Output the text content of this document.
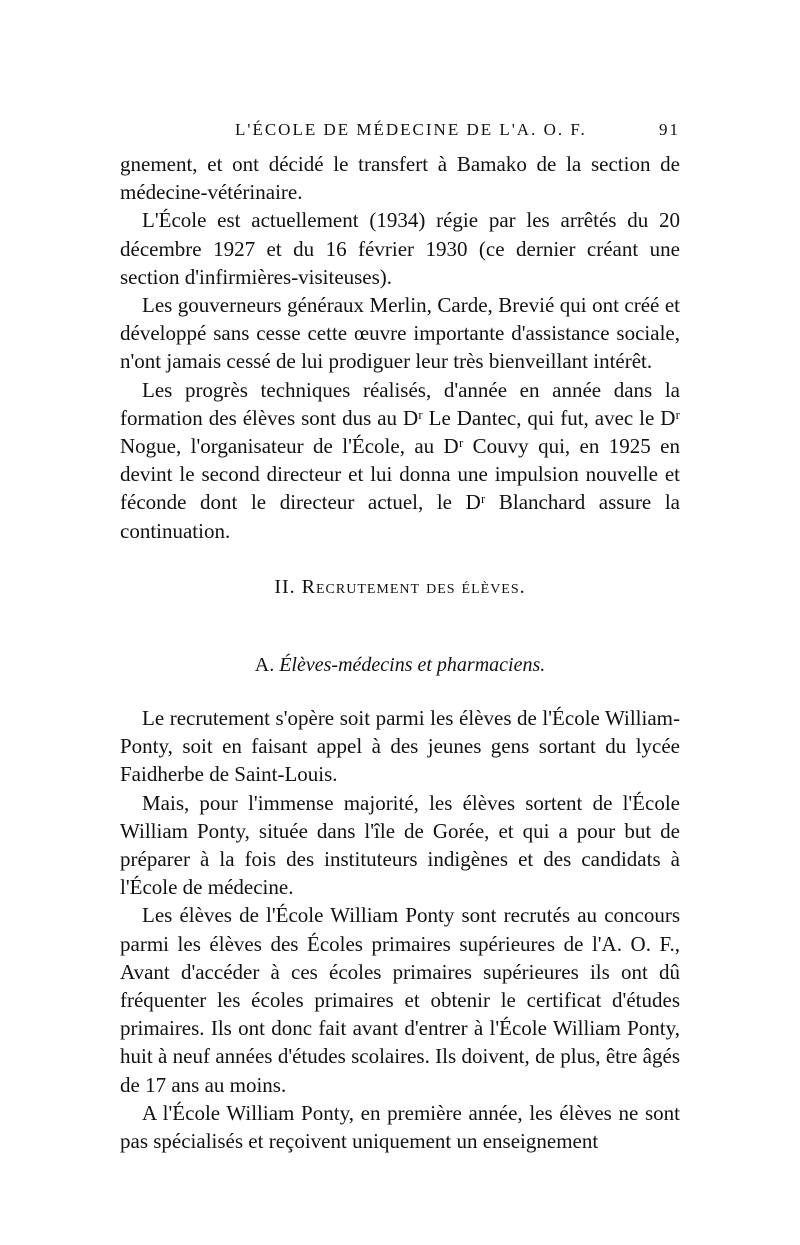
L'ÉCOLE DE MÉDECINE DE L'A. O. F.	91

gnement, et ont décidé le transfert à Bamako de la section de médecine-vétérinaire.

L'École est actuellement (1934) régie par les arrêtés du 20 décembre 1927 et du 16 février 1930 (ce dernier créant une section d'infirmières-visiteuses).

Les gouverneurs généraux Merlin, Carde, Brevié qui ont créé et développé sans cesse cette œuvre importante d'assistance sociale, n'ont jamais cessé de lui prodiguer leur très bienveillant intérêt.

Les progrès techniques réalisés, d'année en année dans la formation des élèves sont dus au Dʳ Le Dantec, qui fut, avec le Dʳ Nogue, l'organisateur de l'École, au Dʳ Couvy qui, en 1925 en devint le second directeur et lui donna une impulsion nouvelle et féconde dont le directeur actuel, le Dʳ Blanchard assure la continuation.

II. Recrutement des élèves.
A. Élèves-médecins et pharmaciens.

Le recrutement s'opère soit parmi les élèves de l'École William-Ponty, soit en faisant appel à des jeunes gens sortant du lycée Faidherbe de Saint-Louis.

Mais, pour l'immense majorité, les élèves sortent de l'École William Ponty, située dans l'île de Gorée, et qui a pour but de préparer à la fois des instituteurs indigènes et des candidats à l'École de médecine.

Les élèves de l'École William Ponty sont recrutés au concours parmi les élèves des Écoles primaires supérieures de l'A. O. F., Avant d'accéder à ces écoles primaires supérieures ils ont dû fréquenter les écoles primaires et obtenir le certificat d'études primaires. Ils ont donc fait avant d'entrer à l'École William Ponty, huit à neuf années d'études scolaires. Ils doivent, de plus, être âgés de 17 ans au moins.

A l'École William Ponty, en première année, les élèves ne sont pas spécialisés et reçoivent uniquement un enseignement
